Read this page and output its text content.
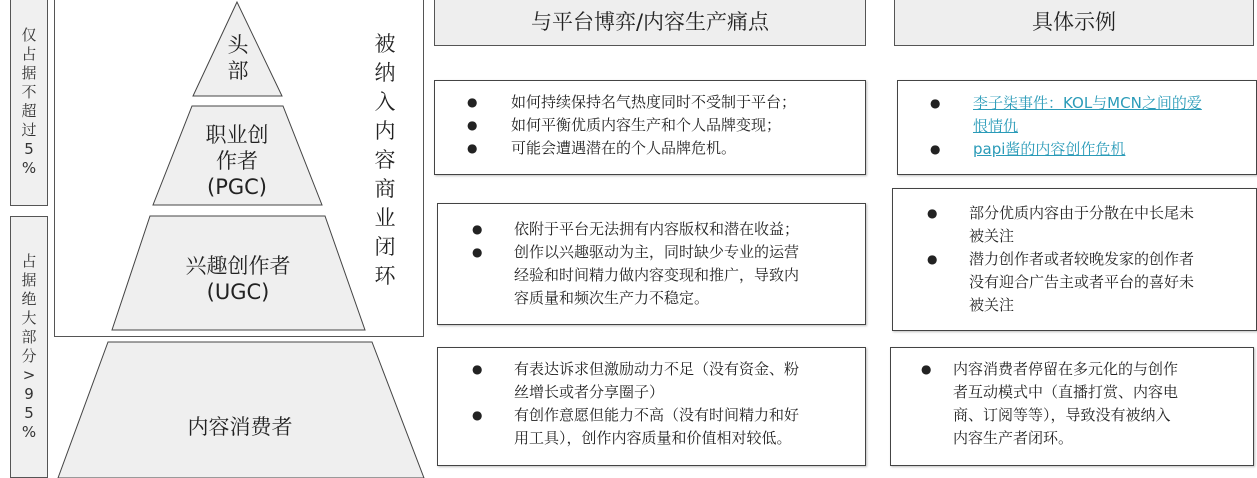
仅
占
据
不
超
过
5
%
占
据
绝
大
部
分
>
9
5
%
头
部
职业创
作者
(PGC)
兴趣创作者
(UGC)
内容消费者
被
纳
入
内
容
商
业
闭
环
与平台博弈/内容生产痛点	具体示例
● 如何持续保持名气热度同时不受制于平台；
● 如何平衡优质内容生产和个人品牌变现；
● 可能会遭遇潜在的个人品牌危机。
● 李子柒事件：KOL与MCN之间的爱
恨情仇
● papi酱的内容创作危机
● 依附于平台无法拥有内容版权和潜在收益；
● 创作以兴趣驱动为主，同时缺少专业的运营
经验和时间精力做内容变现和推广，导致内
容质量和频次生产力不稳定。
● 部分优质内容由于分散在中长尾未
被关注
● 潜力创作者或者较晚发家的创作者
没有迎合广告主或者平台的喜好未
被关注
● 有表达诉求但激励动力不足（没有资金、粉
丝增长或者分享圈子）
● 有创作意愿但能力不高（没有时间精力和好
用工具），创作内容质量和价值相对较低。
● 内容消费者停留在多元化的与创作
者互动模式中（直播打赏、内容电
商、订阅等等），导致没有被纳入
内容生产者闭环。
